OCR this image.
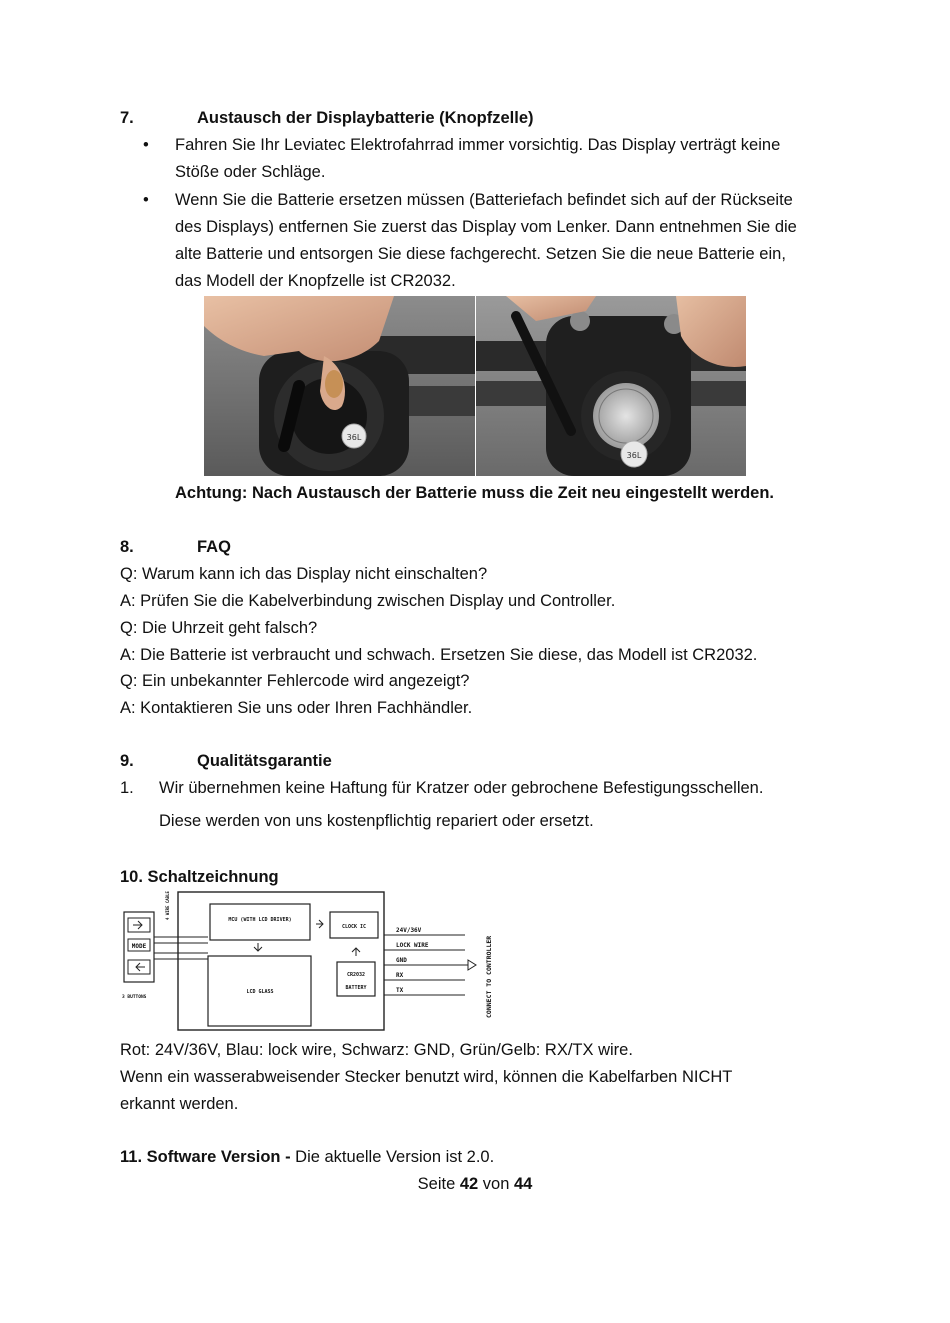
7.	Austausch der Displaybatterie (Knopfzelle)
• Fahren Sie Ihr Leviatec Elektrofahrrad immer vorsichtig. Das Display verträgt keine
Stöße oder Schläge.
• Wenn Sie die Batterie ersetzen müssen (Batteriefach befindet sich auf der Rückseite
des Displays) entfernen Sie zuerst das Display vom Lenker. Dann entnehmen Sie die
alte Batterie und entsorgen Sie diese fachgerecht. Setzen Sie die neue Batterie ein,
das Modell der Knopfzelle ist CR2032.
36L
36L
Achtung: Nach Austausch der Batterie muss die Zeit neu eingestellt werden.
8.	FAQ
Q: Warum kann ich das Display nicht einschalten?
A: Prüfen Sie die Kabelverbindung zwischen Display und Controller.
Q: Die Uhrzeit geht falsch?
A: Die Batterie ist verbraucht und schwach. Ersetzen Sie diese, das Modell ist CR2032.
Q: Ein unbekannter Fehlercode wird angezeigt?
A: Kontaktieren Sie uns oder Ihren Fachhändler.
9.	Qualitätsgarantie
1. Wir übernehmen keine Haftung für Kratzer oder gebrochene Befestigungsschellen.
Diese werden von uns kostenpflichtig repariert oder ersetzt.
10. Schaltzeichnung
MODE
3 BUTTONS
4 WIRE CABLE	MCU (WITH LCD DRIVER)
CLOCK IC
LCD GLASS
CR2032
BATTERY
24V/36V
LOCK WIRE
GND
RX
TX	CONNECT TO CONTROLLER
Rot: 24V/36V, Blau: lock wire, Schwarz: GND, Grün/Gelb: RX/TX wire.
Wenn ein wasserabweisender Stecker benutzt wird, können die Kabelfarben NICHT
erkannt werden.
11. Software Version - Die aktuelle Version ist 2.0.
Seite 42 von 44
